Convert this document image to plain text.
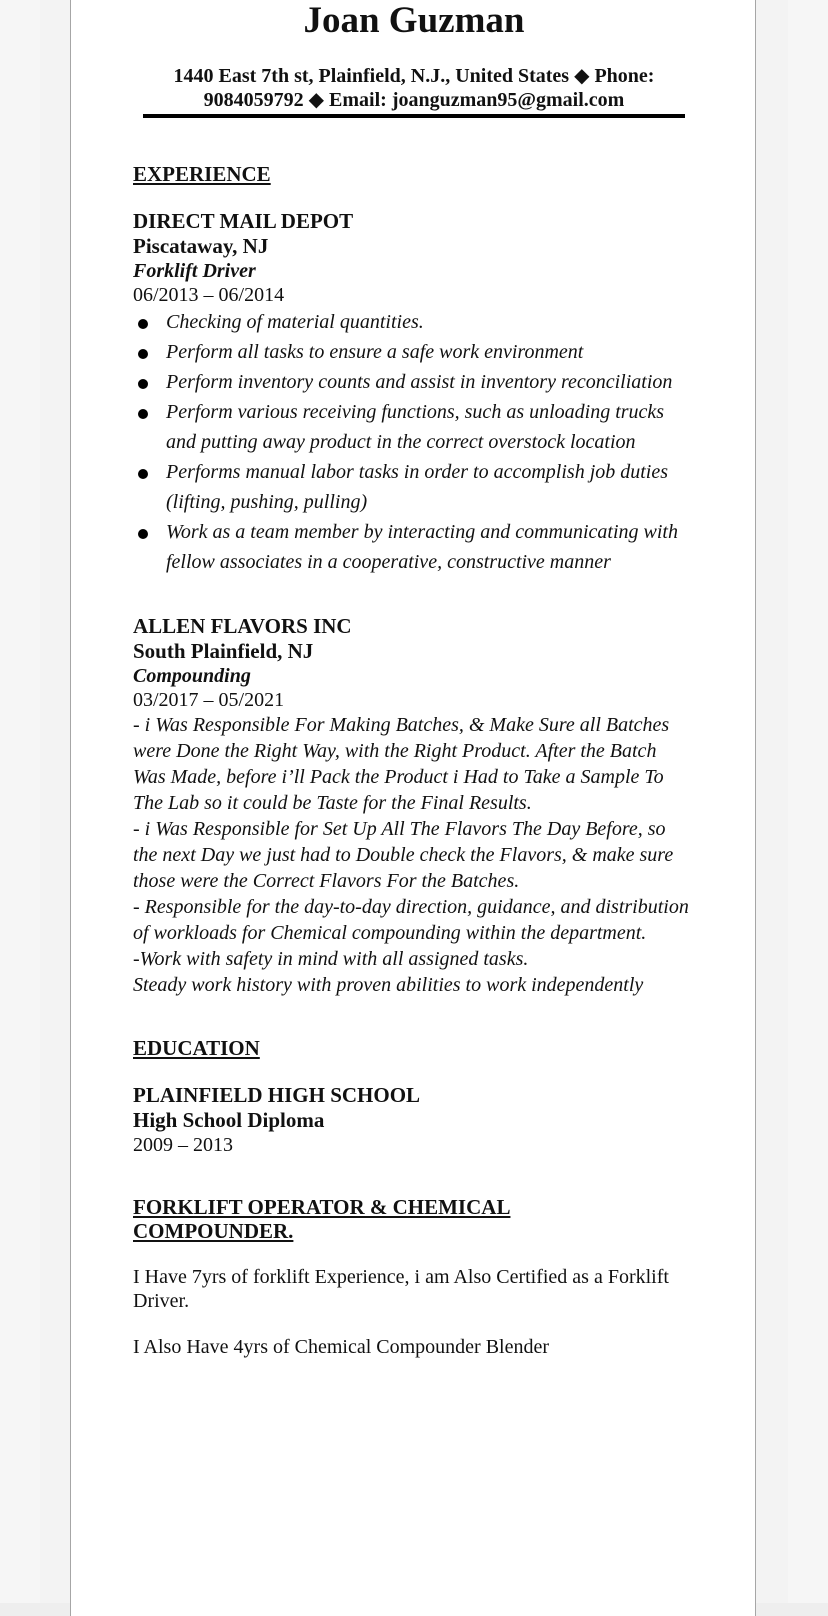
Joan Guzman
1440 East 7th st, Plainfield, N.J., United States ◆ Phone: 9084059792 ◆ Email: joanguzman95@gmail.com
EXPERIENCE
DIRECT MAIL DEPOT
Piscataway, NJ
Forklift Driver
06/2013 – 06/2014
Checking of material quantities.
Perform all tasks to ensure a safe work environment
Perform inventory counts and assist in inventory reconciliation
Perform various receiving functions, such as unloading trucks and putting away product in the correct overstock location
Performs manual labor tasks in order to accomplish job duties (lifting, pushing, pulling)
Work as a team member by interacting and communicating with fellow associates in a cooperative, constructive manner
ALLEN FLAVORS INC
South Plainfield, NJ
Compounding
03/2017 – 05/2021
- i Was Responsible For Making Batches, & Make Sure all Batches were Done the Right Way, with the Right Product. After the Batch Was Made, before i’ll Pack the Product i Had to Take a Sample To The Lab so it could be Taste for the Final Results.
- i Was Responsible for Set Up All The Flavors The Day Before, so the next Day we just had to Double check the Flavors, & make sure those were the Correct Flavors For the Batches.
- Responsible for the day-to-day direction, guidance, and distribution of workloads for Chemical compounding within the department.
-Work with safety in mind with all assigned tasks.
Steady work history with proven abilities to work independently
EDUCATION
PLAINFIELD HIGH SCHOOL
High School Diploma
2009 – 2013
FORKLIFT OPERATOR & CHEMICAL COMPOUNDER.
I Have 7yrs of forklift Experience, i am Also Certified as a Forklift Driver.
I Also Have 4yrs of Chemical Compounder Blender
